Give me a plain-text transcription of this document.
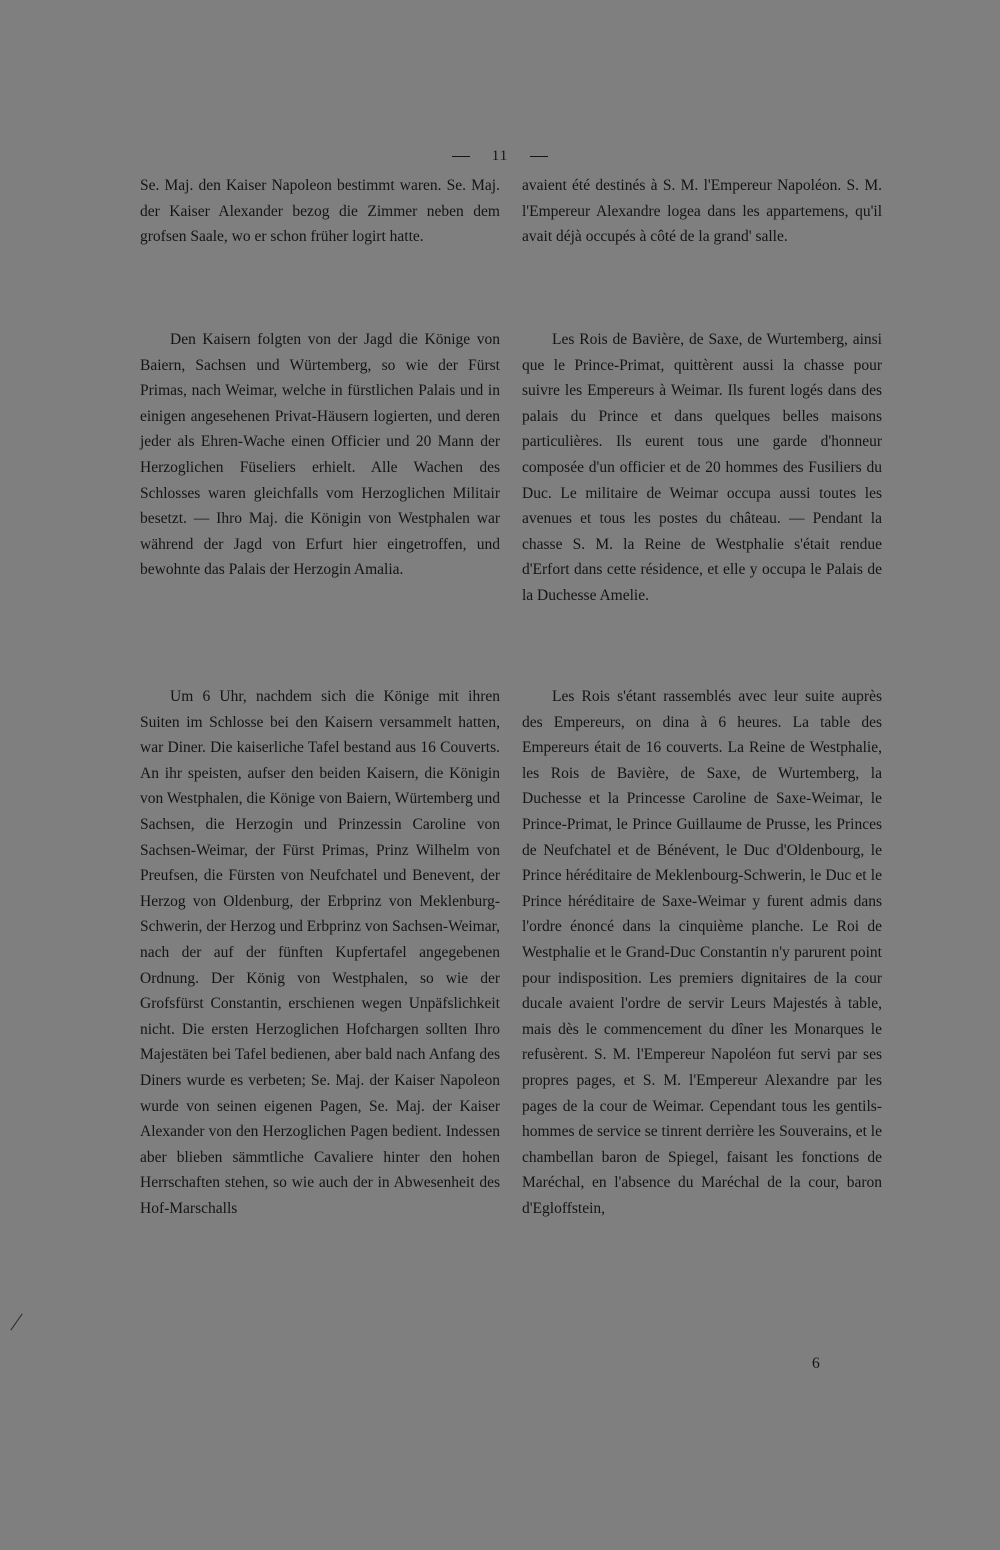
11

Se. Maj. den Kaiser Napoleon bestimmt waren. Se. Maj. der Kaiser Alexander bezog die Zimmer neben dem grofsen Saale, wo er schon früher logirt hatte.

avaient été destinés à S. M. l'Empereur Napoléon. S. M. l'Empereur Alexandre logea dans les appartemens, qu'il avait déjà occupés à côté de la grand' salle.

Den Kaisern folgten von der Jagd die Könige von Baiern, Sachsen und Würtemberg, so wie der Fürst Primas, nach Weimar, welche in fürstlichen Palais und in einigen angesehenen Privat-Häusern logierten, und deren jeder als Ehren-Wache einen Officier und 20 Mann der Herzoglichen Füseliers erhielt. Alle Wachen des Schlosses waren gleichfalls vom Herzoglichen Militair besetzt. — Ihro Maj. die Königin von Westphalen war während der Jagd von Erfurt hier eingetroffen, und bewohnte das Palais der Herzogin Amalia.

Les Rois de Bavière, de Saxe, de Wurtemberg, ainsi que le Prince-Primat, quittèrent aussi la chasse pour suivre les Empereurs à Weimar. Ils furent logés dans des palais du Prince et dans quelques belles maisons particulières. Ils eurent tous une garde d'honneur composée d'un officier et de 20 hommes des Fusiliers du Duc. Le militaire de Weimar occupa aussi toutes les avenues et tous les postes du château. — Pendant la chasse S. M. la Reine de Westphalie s'était rendue d'Erfort dans cette résidence, et elle y occupa le Palais de la Duchesse Amelie.

Um 6 Uhr, nachdem sich die Könige mit ihren Suiten im Schlosse bei den Kaisern versammelt hatten, war Diner. Die kaiserliche Tafel bestand aus 16 Couverts. An ihr speisten, aufser den beiden Kaisern, die Königin von Westphalen, die Könige von Baiern, Würtemberg und Sachsen, die Herzogin und Prinzessin Caroline von Sachsen-Weimar, der Fürst Primas, Prinz Wilhelm von Preufsen, die Fürsten von Neufchatel und Benevent, der Herzog von Oldenburg, der Erbprinz von Meklenburg-Schwerin, der Herzog und Erbprinz von Sachsen-Weimar, nach der auf der fünften Kupfertafel angegebenen Ordnung. Der König von Westphalen, so wie der Grofsfürst Constantin, erschienen wegen Unpäfslichkeit nicht. Die ersten Herzoglichen Hofchargen sollten Ihro Majestäten bei Tafel bedienen, aber bald nach Anfang des Diners wurde es verbeten; Se. Maj. der Kaiser Napoleon wurde von seinen eigenen Pagen, Se. Maj. der Kaiser Alexander von den Herzoglichen Pagen bedient. Indessen aber blieben sämmtliche Cavaliere hinter den hohen Herrschaften stehen, so wie auch der in Abwesenheit des Hof-Marschalls

Les Rois s'étant rassemblés avec leur suite auprès des Empereurs, on dina à 6 heures. La table des Empereurs était de 16 couverts. La Reine de Westphalie, les Rois de Bavière, de Saxe, de Wurtemberg, la Duchesse et la Princesse Caroline de Saxe-Weimar, le Prince-Primat, le Prince Guillaume de Prusse, les Princes de Neufchatel et de Bénévent, le Duc d'Oldenbourg, le Prince héréditaire de Meklenbourg-Schwerin, le Duc et le Prince héréditaire de Saxe-Weimar y furent admis dans l'ordre énoncé dans la cinquième planche. Le Roi de Westphalie et le Grand-Duc Constantin n'y parurent point pour indisposition. Les premiers dignitaires de la cour ducale avaient l'ordre de servir Leurs Majestés à table, mais dès le commencement du dîner les Monarques le refusèrent. S. M. l'Empereur Napoléon fut servi par ses propres pages, et S. M. l'Empereur Alexandre par les pages de la cour de Weimar. Cependant tous les gentils-hommes de service se tinrent derrière les Souverains, et le chambellan baron de Spiegel, faisant les fonctions de Maréchal, en l'absence du Maréchal de la cour, baron d'Egloffstein,

6
